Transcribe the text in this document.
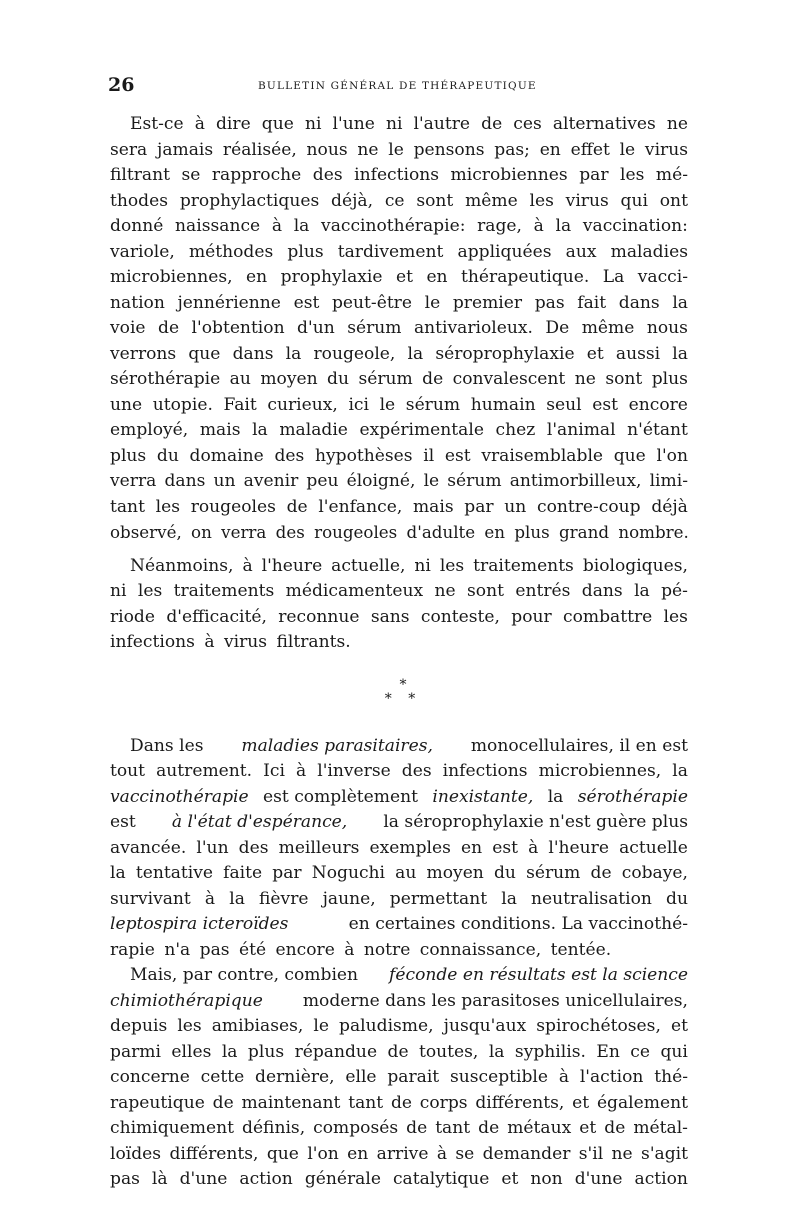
26	BULLETIN GÉNÉRAL DE THÉRAPEUTIQUE
Est-ce à dire que ni l'une ni l'autre de ces alternatives ne
sera jamais réalisée, nous ne le pensons pas; en effet le virus
filtrant se rapproche des infections microbiennes par les mé-
thodes prophylactiques déjà, ce sont même les virus qui ont
donné naissance à la vaccinothérapie: rage, à la vaccination:
variole, méthodes plus tardivement appliquées aux maladies
microbiennes, en prophylaxie et en thérapeutique. La vacci-
nation jennérienne est peut-être le premier pas fait dans la
voie de l'obtention d'un sérum antivarioleux. De même nous
verrons que dans la rougeole, la séroprophylaxie et aussi la
sérothérapie au moyen du sérum de convalescent ne sont plus
une utopie. Fait curieux, ici le sérum humain seul est encore
employé, mais la maladie expérimentale chez l'animal n'étant
plus du domaine des hypothèses il est vraisemblable que l'on
verra dans un avenir peu éloigné, le sérum antimorbilleux, limi-
tant les rougeoles de l'enfance, mais par un contre-coup déjà
observé, on verra des rougeoles d'adulte en plus grand nombre.
Néanmoins, à l'heure actuelle, ni les traitements biologiques,
ni les traitements médicamenteux ne sont entrés dans la pé-
riode d'efficacité, reconnue sans conteste, pour combattre les
infections à virus filtrants.
*
* *
Dans les maladies parasitaires, monocellulaires, il en est
tout autrement. Ici à l'inverse des infections microbiennes, la
vaccinothérapie est complètement inexistante, la sérothérapie
est à l'état d'espérance, la séroprophylaxie n'est guère plus
avancée. l'un des meilleurs exemples en est à l'heure actuelle
la tentative faite par Noguchi au moyen du sérum de cobaye,
survivant à la fièvre jaune, permettant la neutralisation du
leptospira icteroïdes	en certaines conditions. La vaccinothé-
rapie n'a pas été encore à notre connaissance, tentée.
Mais, par contre, combien féconde en résultats est la science
chimiothérapique moderne dans les parasitoses unicellulaires,
depuis les amibiases, le paludisme, jusqu'aux spirochétoses, et
parmi elles la plus répandue de toutes, la syphilis. En ce qui
concerne cette dernière, elle parait susceptible à l'action thé-
rapeutique de maintenant tant de corps différents, et également
chimiquement définis, composés de tant de métaux et de métal-
loïdes différents, que l'on en arrive à se demander s'il ne s'agit
pas là d'une action générale catalytique et non d'une action
